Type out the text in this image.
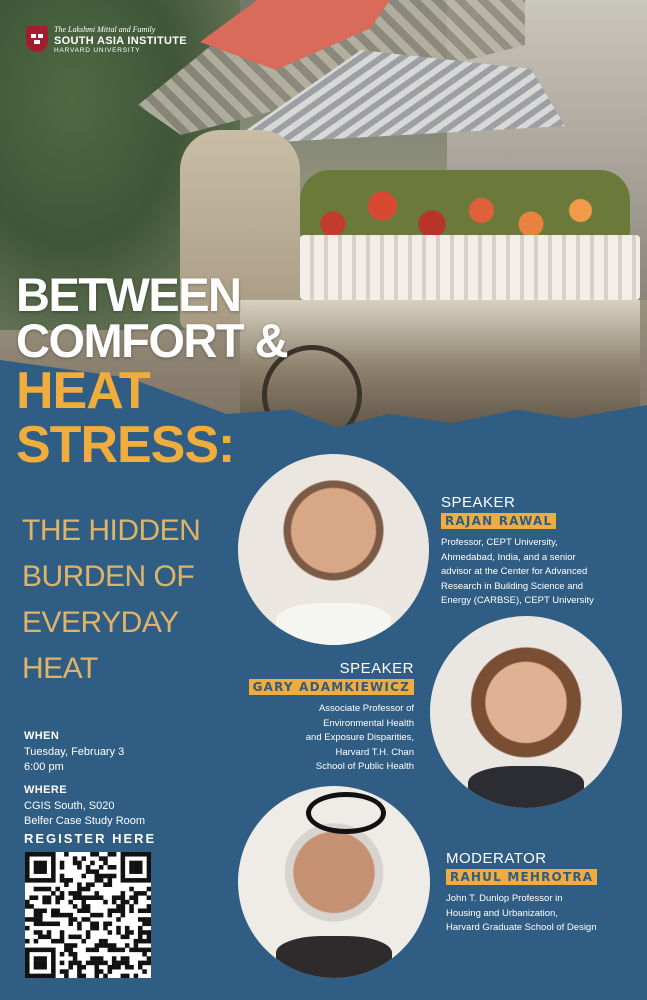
The Lakshmi Mittal and Family
SOUTH ASIA INSTITUTE
HARVARD UNIVERSITY
BETWEEN
COMFORT &
HEAT
STRESS:
THE HIDDEN
BURDEN OF
EVERYDAY
HEAT
SPEAKER
RAJAN RAWAL
Professor, CEPT University,
Ahmedabad, India, and a senior
advisor at the Center for Advanced
Research in Building Science and
Energy (CARBSE), CEPT University
SPEAKER
GARY ADAMKIEWICZ
Associate Professor of
Environmental Health
and Exposure Disparities,
Harvard T.H. Chan
School of Public Health
MODERATOR
RAHUL MEHROTRA
John T. Dunlop Professor in
Housing and Urbanization,
Harvard Graduate School of Design
WHEN
Tuesday, February 3
6:00 pm
WHERE
CGIS South, S020
Belfer Case Study Room
REGISTER HERE
